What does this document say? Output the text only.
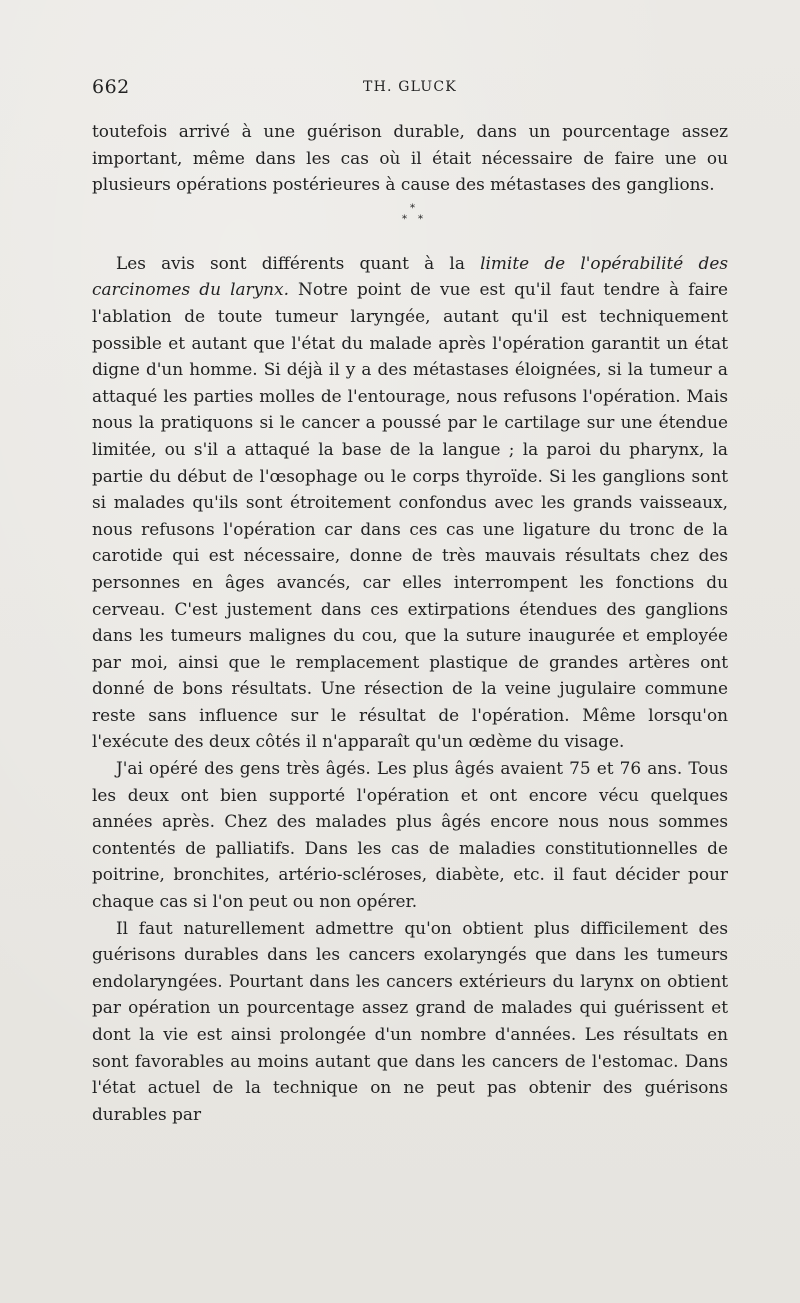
662	TH. GLUCK

toutefois arrivé à une guérison durable, dans un pourcentage assez important, même dans les cas où il était nécessaire de faire une ou plusieurs opérations postérieures à cause des métastases des ganglions.

*
* *

Les avis sont différents quant à la limite de l'opérabilité des carcinomes du larynx. Notre point de vue est qu'il faut tendre à faire l'ablation de toute tumeur laryngée, autant qu'il est techniquement possible et autant que l'état du malade après l'opération garantit un état digne d'un homme. Si déjà il y a des métastases éloignées, si la tumeur a attaqué les parties molles de l'entourage, nous refusons l'opération. Mais nous la pratiquons si le cancer a poussé par le cartilage sur une étendue limitée, ou s'il a attaqué la base de la langue ; la paroi du pharynx, la partie du début de l'œsophage ou le corps thyroïde. Si les ganglions sont si malades qu'ils sont étroitement confondus avec les grands vaisseaux, nous refusons l'opération car dans ces cas une ligature du tronc de la carotide qui est nécessaire, donne de très mauvais résultats chez des personnes en âges avancés, car elles interrompent les fonctions du cerveau. C'est justement dans ces extirpations étendues des ganglions dans les tumeurs malignes du cou, que la suture inaugurée et employée par moi, ainsi que le remplacement plastique de grandes artères ont donné de bons résultats. Une résection de la veine jugulaire commune reste sans influence sur le résultat de l'opération. Même lorsqu'on l'exécute des deux côtés il n'apparaît qu'un œdème du visage.

J'ai opéré des gens très âgés. Les plus âgés avaient 75 et 76 ans. Tous les deux ont bien supporté l'opération et ont encore vécu quelques années après. Chez des malades plus âgés encore nous nous sommes contentés de palliatifs. Dans les cas de maladies constitutionnelles de poitrine, bronchites, artério-scléroses, diabète, etc. il faut décider pour chaque cas si l'on peut ou non opérer.

Il faut naturellement admettre qu'on obtient plus difficilement des guérisons durables dans les cancers exolaryngés que dans les tumeurs endolaryngées. Pourtant dans les cancers extérieurs du larynx on obtient par opération un pourcentage assez grand de malades qui guérissent et dont la vie est ainsi prolongée d'un nombre d'années. Les résultats en sont favorables au moins autant que dans les cancers de l'estomac. Dans l'état actuel de la technique on ne peut pas obtenir des guérisons durables par
